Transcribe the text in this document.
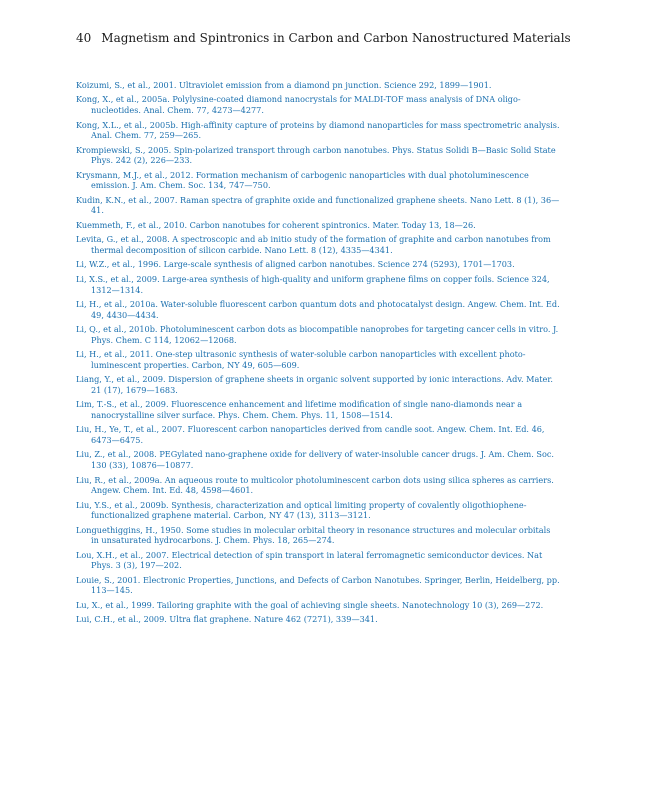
40 Magnetism and Spintronics in Carbon and Carbon Nanostructured Materials
Koizumi, S., et al., 2001. Ultraviolet emission from a diamond pn junction. Science 292, 1899—1901.
Kong, X., et al., 2005a. Polylysine-coated diamond nanocrystals for MALDI-TOF mass analysis of DNA oligo-nucleotides. Anal. Chem. 77, 4273—4277.
Kong, X.L., et al., 2005b. High-affinity capture of proteins by diamond nanoparticles for mass spectrometric analysis. Anal. Chem. 77, 259—265.
Krompiewski, S., 2005. Spin-polarized transport through carbon nanotubes. Phys. Status Solidi B—Basic Solid State Phys. 242 (2), 226—233.
Krysmann, M.J., et al., 2012. Formation mechanism of carbogenic nanoparticles with dual photoluminescence emission. J. Am. Chem. Soc. 134, 747—750.
Kudin, K.N., et al., 2007. Raman spectra of graphite oxide and functionalized graphene sheets. Nano Lett. 8 (1), 36—41.
Kuemmeth, F., et al., 2010. Carbon nanotubes for coherent spintronics. Mater. Today 13, 18—26.
Levita, G., et al., 2008. A spectroscopic and ab initio study of the formation of graphite and carbon nanotubes from thermal decomposition of silicon carbide. Nano Lett. 8 (12), 4335—4341.
Li, W.Z., et al., 1996. Large-scale synthesis of aligned carbon nanotubes. Science 274 (5293), 1701—1703.
Li, X.S., et al., 2009. Large-area synthesis of high-quality and uniform graphene films on copper foils. Science 324, 1312—1314.
Li, H., et al., 2010a. Water-soluble fluorescent carbon quantum dots and photocatalyst design. Angew. Chem. Int. Ed. 49, 4430—4434.
Li, Q., et al., 2010b. Photoluminescent carbon dots as biocompatible nanoprobes for targeting cancer cells in vitro. J. Phys. Chem. C 114, 12062—12068.
Li, H., et al., 2011. One-step ultrasonic synthesis of water-soluble carbon nanoparticles with excellent photo-luminescent properties. Carbon, NY 49, 605—609.
Liang, Y., et al., 2009. Dispersion of graphene sheets in organic solvent supported by ionic interactions. Adv. Mater. 21 (17), 1679—1683.
Lim, T.-S., et al., 2009. Fluorescence enhancement and lifetime modification of single nano-diamonds near a nanocrystalline silver surface. Phys. Chem. Chem. Phys. 11, 1508—1514.
Liu, H., Ye, T., et al., 2007. Fluorescent carbon nanoparticles derived from candle soot. Angew. Chem. Int. Ed. 46, 6473—6475.
Liu, Z., et al., 2008. PEGylated nano-graphene oxide for delivery of water-insoluble cancer drugs. J. Am. Chem. Soc. 130 (33), 10876—10877.
Liu, R., et al., 2009a. An aqueous route to multicolor photoluminescent carbon dots using silica spheres as carriers. Angew. Chem. Int. Ed. 48, 4598—4601.
Liu, Y.S., et al., 2009b. Synthesis, characterization and optical limiting property of covalently oligothiophene-functionalized graphene material. Carbon, NY 47 (13), 3113—3121.
Longuethiggins, H., 1950. Some studies in molecular orbital theory in resonance structures and molecular orbitals in unsaturated hydrocarbons. J. Chem. Phys. 18, 265—274.
Lou, X.H., et al., 2007. Electrical detection of spin transport in lateral ferromagnetic semiconductor devices. Nat Phys. 3 (3), 197—202.
Louie, S., 2001. Electronic Properties, Junctions, and Defects of Carbon Nanotubes. Springer, Berlin, Heidelberg, pp. 113—145.
Lu, X., et al., 1999. Tailoring graphite with the goal of achieving single sheets. Nanotechnology 10 (3), 269—272.
Lui, C.H., et al., 2009. Ultra flat graphene. Nature 462 (7271), 339—341.
